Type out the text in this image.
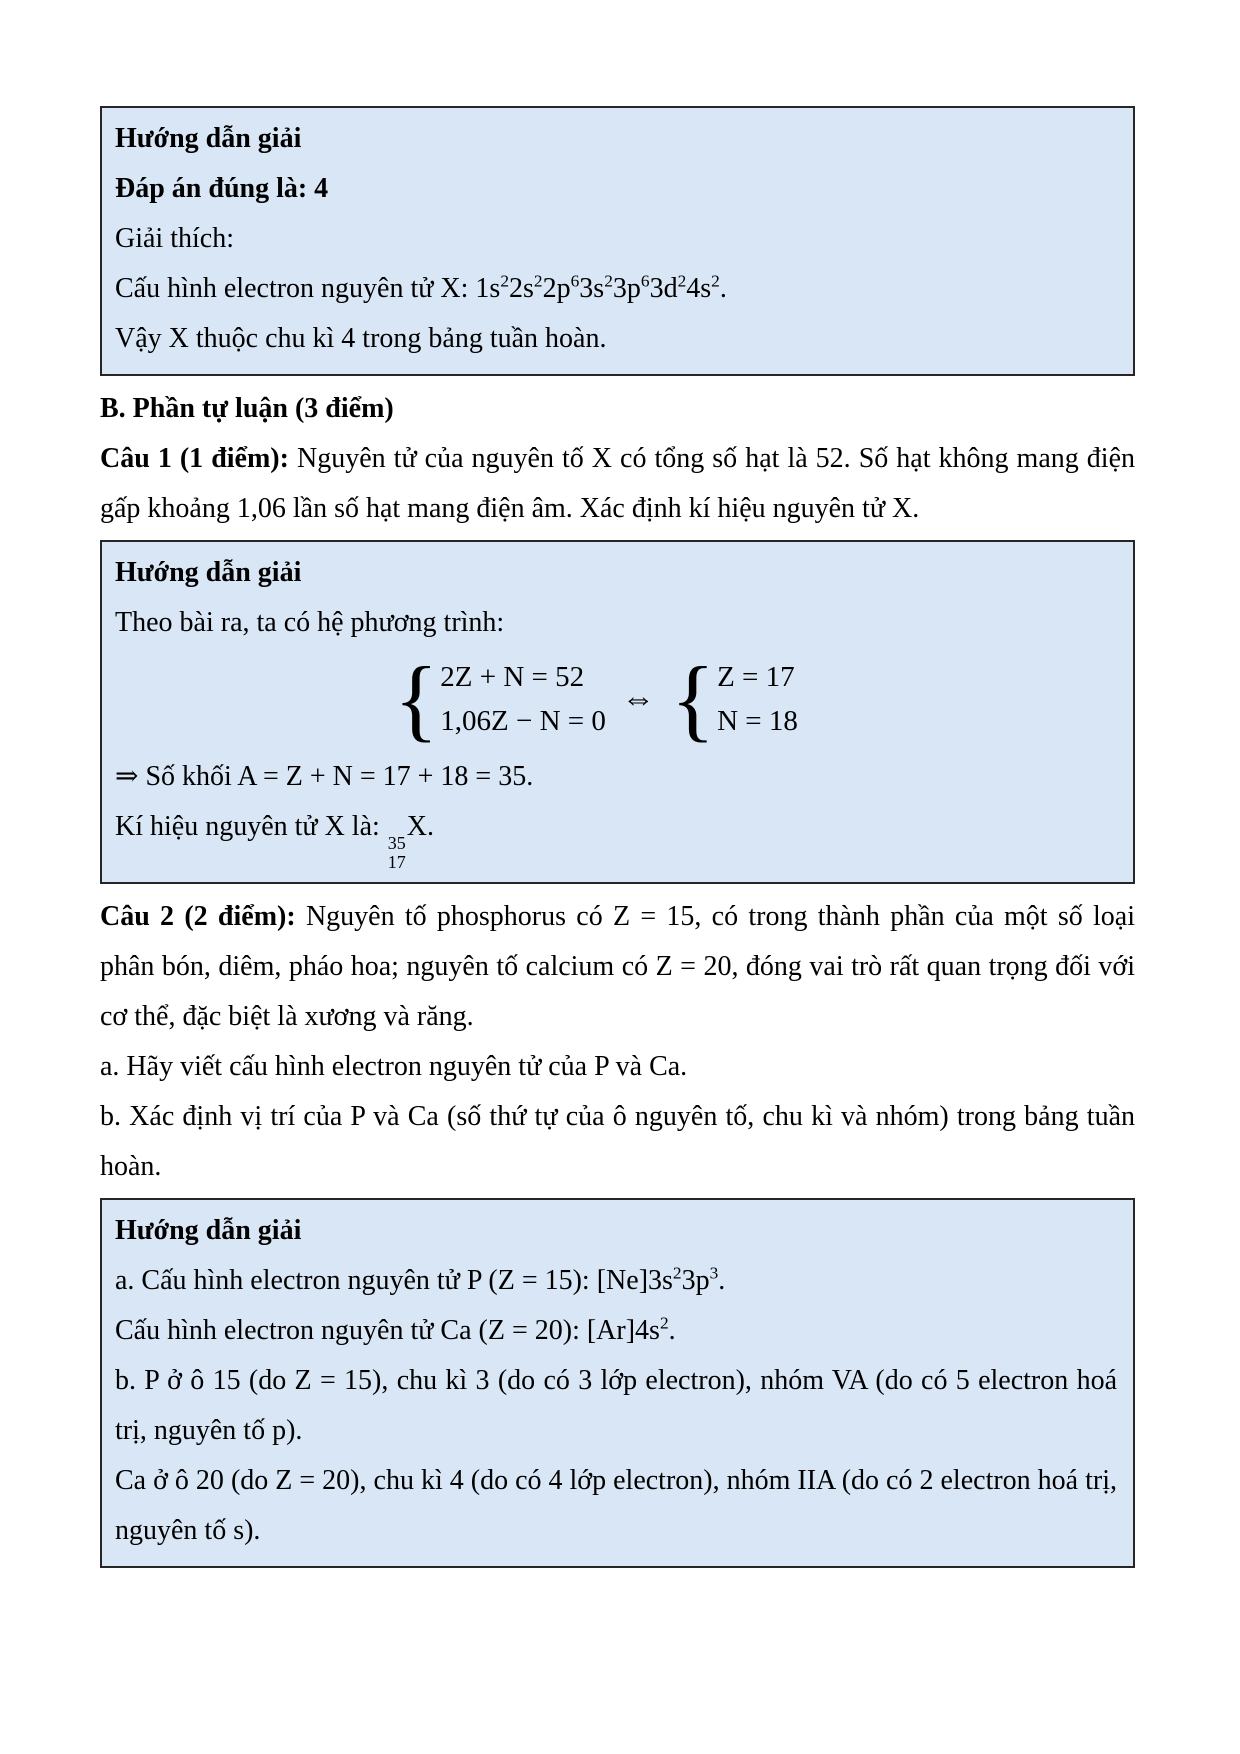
Hướng dẫn giải

Đáp án đúng là: 4

Giải thích:

Cấu hình electron nguyên tử X: $1s^22s^22p^63s^23p^63d^24s^2$.

Vậy X thuộc chu kì 4 trong bảng tuần hoàn.

B. Phần tự luận (3 điểm)

Câu 1 (1 điểm): Nguyên tử của nguyên tố X có tổng số hạt là 52. Số hạt không mang điện gấp khoảng 1,06 lần số hạt mang điện âm. Xác định kí hiệu nguyên tử X.

Hướng dẫn giải

Theo bài ra, ta có hệ phương trình:

{ 2Z + N = 52
1,06Z − N = 0
⇔ { Z = 17
N = 18

⇒ Số khối A = Z + N = 17 + 18 = 35.

Kí hiệu nguyên tử X là:
35
17
X.

Câu 2 (2 điểm): Nguyên tố phosphorus có Z = 15, có trong thành phần của một số loại phân bón, diêm, pháo hoa; nguyên tố calcium có Z = 20, đóng vai trò rất quan trọng đối với cơ thể, đặc biệt là xương và răng.

a. Hãy viết cấu hình electron nguyên tử của P và Ca.

b. Xác định vị trí của P và Ca (số thứ tự của ô nguyên tố, chu kì và nhóm) trong bảng tuần hoàn.

Hướng dẫn giải

a. Cấu hình electron nguyên tử P (Z = 15): $[Ne]3s^23p^3$.

Cấu hình electron nguyên tử Ca (Z = 20): $[Ar]4s^2$.

b. P ở ô 15 (do Z = 15), chu kì 3 (do có 3 lớp electron), nhóm VA (do có 5 electron hoá trị, nguyên tố p).

Ca ở ô 20 (do Z = 20), chu kì 4 (do có 4 lớp electron), nhóm IIA (do có 2 electron hoá trị, nguyên tố s).
